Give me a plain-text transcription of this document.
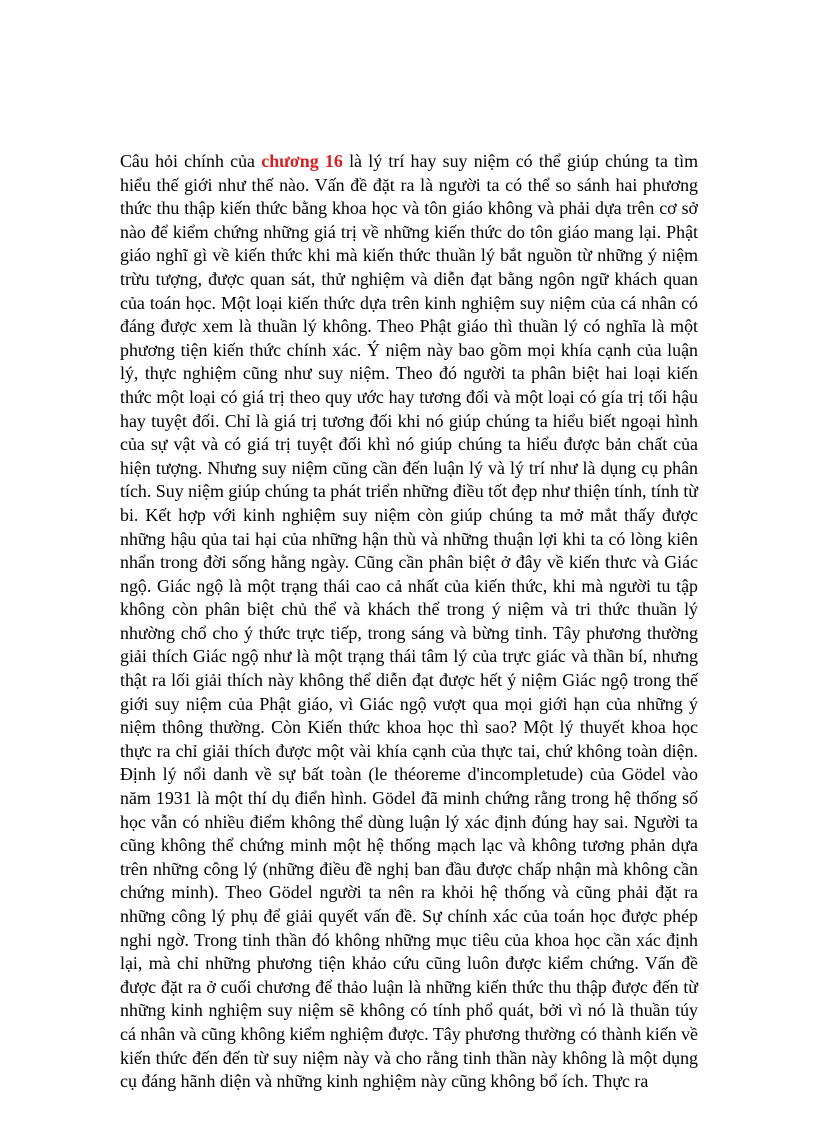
Câu hỏi chính của chương 16 là lý trí hay suy niệm có thể giúp chúng ta tìm hiểu thế giới như thế nào. Vấn đề đặt ra là người ta có thể so sánh hai phương thức thu thập kiến thức bằng khoa học và tôn giáo không và phải dựa trên cơ sở nào để kiểm chứng những giá trị về những kiến thức do tôn giáo mang lại. Phật giáo nghĩ gì về kiến thức khi mà kiến thức thuần lý bắt nguồn từ những ý niệm trừu tượng, được quan sát, thử nghiệm và diễn đạt bằng ngôn ngữ khách quan của toán học. Một loại kiến thức dựa trên kinh nghiệm suy niệm của cá nhân có đáng được xem là thuần lý không. Theo Phật giáo thì thuần lý có nghĩa là một phương tiện kiến thức chính xác. Ý niệm này bao gồm mọi khía cạnh của luận lý, thực nghiệm cũng như suy niệm. Theo đó người ta phân biệt hai loại kiến thức một loại có giá trị theo quy ước hay tương đối và một loại có gía trị tối hậu hay tuyệt đối. Chỉ là giá trị tương đối khi nó giúp chúng ta hiểu biết ngoại hình của sự vật và có giá trị tuyệt đối khì nó giúp chúng ta hiểu được bản chất của hiện tượng. Nhưng suy niệm cũng cần đến luận lý và lý trí như là dụng cụ phân tích. Suy niệm giúp chúng ta phát triển những điều tốt đẹp như thiện tính, tính từ bi. Kết hợp với kinh nghiệm suy niệm còn giúp chúng ta mở mắt thấy được những hậu qủa tai hại của những hận thù và những thuận lợi khi ta có lòng kiên nhẩn trong đời sống hằng ngày. Cũng cần phân biệt ở đây về kiến thưc và Giác ngộ. Giác ngộ là một trạng thái cao cả nhất của kiến thức, khi mà người tu tập không còn phân biệt chủ thể và khách thể trong ý niệm và tri thức thuần lý nhường chổ cho ý thức trực tiếp, trong sáng và bừng tỉnh. Tây phương thường giải thích Giác ngộ như là một trạng thái tâm lý của trực giác và thần bí, nhưng thật ra lối giải thích này không thể diễn đạt được hết ý niệm Giác ngộ trong thế giới suy niệm của Phật giáo, vì Giác ngộ vượt qua mọi giới hạn của những ý niệm thông thường. Còn Kiến thức khoa học thì sao? Một lý thuyết khoa học thực ra chỉ giải thích được một vài khía cạnh của thực tai, chứ không toàn diện. Định lý nổi danh về sự bất toàn (le théoreme d'incompletude) của Gödel vào năm 1931 là một thí dụ điển hình. Gödel đã minh chứng rằng trong hệ thống số học vẫn có nhiều điểm không thể dùng luận lý xác định đúng hay sai. Người ta cũng không thể chứng minh một hệ thống mạch lạc và không tương phản dựa trên những công lý (những điều đề nghị ban đầu được chấp nhận mà không cần chứng minh). Theo Gödel người ta nên ra khỏi hệ thống và cũng phải đặt ra những công lý phụ để giải quyết vấn đề. Sự chính xác của toán học được phép nghi ngờ. Trong tinh thần đó không những mục tiêu của khoa học cần xác định lại, mà chỉ những phương tiện khảo cứu cũng luôn được kiểm chứng. Vấn đề được đặt ra ở cuối chương để thảo luận là những kiến thức thu thập được đến từ những kinh nghiệm suy niệm sẽ không có tính phổ quát, bởi vì nó là thuần túy cá nhân và cũng không kiểm nghiệm được. Tây phương thường có thành kiến về kiến thức đến đến từ suy niệm này và cho rằng tinh thần này không là một dụng cụ đáng hãnh diện và những kinh nghiệm này cũng không bổ ích. Thực ra
